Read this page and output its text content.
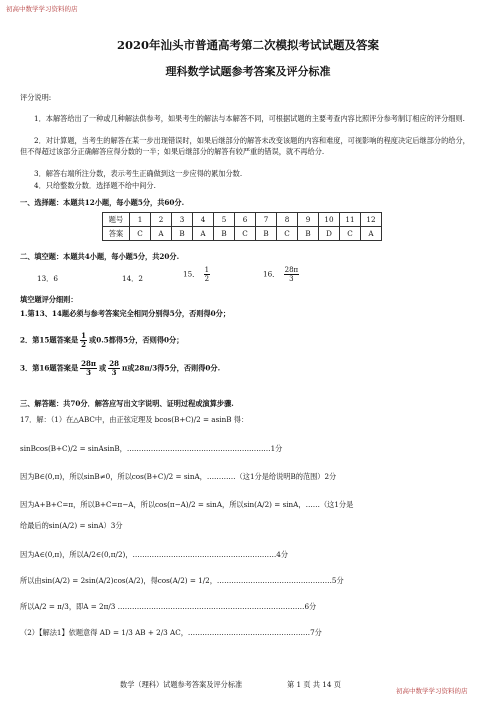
初高中数学学习资料的店
初高中数学学习资料的店
2020年汕头市普通高考第二次模拟考试试题及答案
理科数学试题参考答案及评分标准
评分说明:
1．本解答给出了一种或几种解法供参考，如果考生的解法与本解答不同，可根据试题的主要考查内容比照评分参考制订相应的评分细则.
2．对计算题，当考生的解答在某一步出现错误时，如果后继部分的解答未改变该题的内容和难度，可视影响的程度决定后继部分的给分，但不得超过该部分正确解答应得分数的一半；如果后继部分的解答有较严重的错误，就不再给分.
3．解答右端所注分数，表示考生正确做到这一步应得的累加分数.
4．只给整数分数．选择题不给中间分.
一、选择题：本题共12小题，每小题5分，共60分.
题号	1	2	3	4	5	6	7	8	9	10	11	12
答案	C	A	B	A	B	C	B	C	B	D	C	A
二、填空题：本题共4小题，每小题5分，共20分.
13．6	14．2	15． $\frac{1}{2}$	16． $\frac{28\pi}{3}$
填空题评分细则：
1.第13、14题必须与参考答案完全相同分别得5分，否则得0分；
2．第15题答案是 $\frac{1}{2}$ 或0.5都得5分，否则得0分；
3．第16题答案是 $\frac{28\pi}{3}$ 或 $\frac{28}{3}$ π或28π/3得5分，否则得0分.
三、解答题：共70分．解答应写出文字说明、证明过程或演算步骤.
17．解：（1）在△ABC中，由正弦定理及 bcos(B+C)/2 = asinB 得：
sinBcos(B+C)/2 = sinAsinB，……………………………………………………1分
因为B∈(0,π)，所以sinB≠0，所以cos(B+C)/2 = sinA，…………（这1分是给说明B的范围）2分
因为A+B+C=π，所以B+C=π−A，所以cos(π−A)/2 = sinA，所以sin(A/2) = sinA，……（这1分是
给最后的sin(A/2) = sinA）3分
因为A∈(0,π)，所以A/2∈(0,π/2)，……………………………………………………4分
所以由sin(A/2) = 2sin(A/2)cos(A/2)，得cos(A/2) = 1/2，…………………………………………5分
所以A/2 = π/3，即A = 2π/3 ……………………………………………………………………6分
（2）【解法1】依题意得 AD = 1/3 AB + 2/3 AC，……………………………………………7分
数学（理科）试题参考答案及评分标准	第 1 页 共 14 页
